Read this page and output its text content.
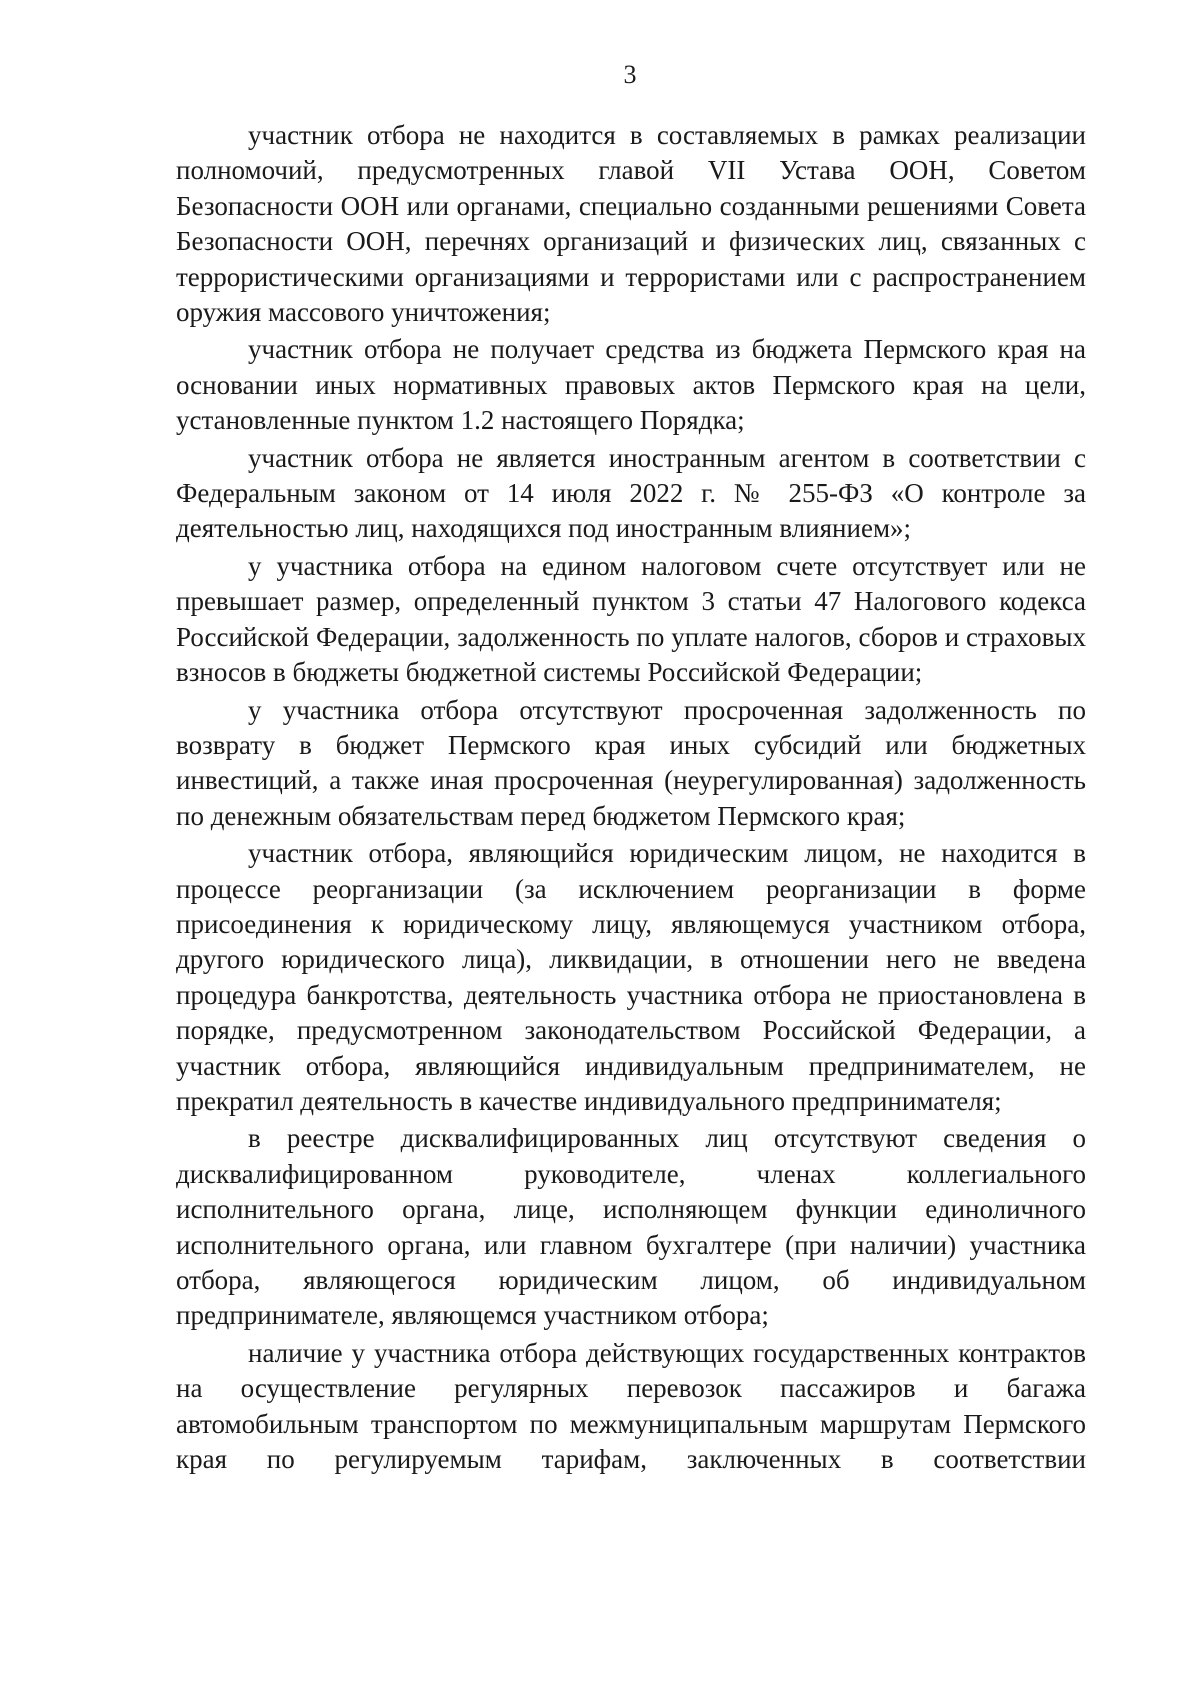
3

участник отбора не находится в составляемых в рамках реализации полномочий, предусмотренных главой VII Устава ООН, Советом Безопасности ООН или органами, специально созданными решениями Совета Безопасности ООН, перечнях организаций и физических лиц, связанных с террористическими организациями и террористами или с распространением оружия массового уничтожения;

участник отбора не получает средства из бюджета Пермского края на основании иных нормативных правовых актов Пермского края на цели, установленные пунктом 1.2 настоящего Порядка;

участник отбора не является иностранным агентом в соответствии с Федеральным законом от 14 июля 2022 г. № 255-ФЗ «О контроле за деятельностью лиц, находящихся под иностранным влиянием»;

у участника отбора на едином налоговом счете отсутствует или не превышает размер, определенный пунктом 3 статьи 47 Налогового кодекса Российской Федерации, задолженность по уплате налогов, сборов и страховых взносов в бюджеты бюджетной системы Российской Федерации;

у участника отбора отсутствуют просроченная задолженность по возврату в бюджет Пермского края иных субсидий или бюджетных инвестиций, а также иная просроченная (неурегулированная) задолженность по денежным обязательствам перед бюджетом Пермского края;

участник отбора, являющийся юридическим лицом, не находится в процессе реорганизации (за исключением реорганизации в форме присоединения к юридическому лицу, являющемуся участником отбора, другого юридического лица), ликвидации, в отношении него не введена процедура банкротства, деятельность участника отбора не приостановлена в порядке, предусмотренном законодательством Российской Федерации, а участник отбора, являющийся индивидуальным предпринимателем, не прекратил деятельность в качестве индивидуального предпринимателя;

в реестре дисквалифицированных лиц отсутствуют сведения о дисквалифицированном руководителе, членах коллегиального исполнительного органа, лице, исполняющем функции единоличного исполнительного органа, или главном бухгалтере (при наличии) участника отбора, являющегося юридическим лицом, об индивидуальном предпринимателе, являющемся участником отбора;

наличие у участника отбора действующих государственных контрактов на осуществление регулярных перевозок пассажиров и багажа автомобильным транспортом по межмуниципальным маршрутам Пермского края по регулируемым тарифам, заключенных в соответствии
